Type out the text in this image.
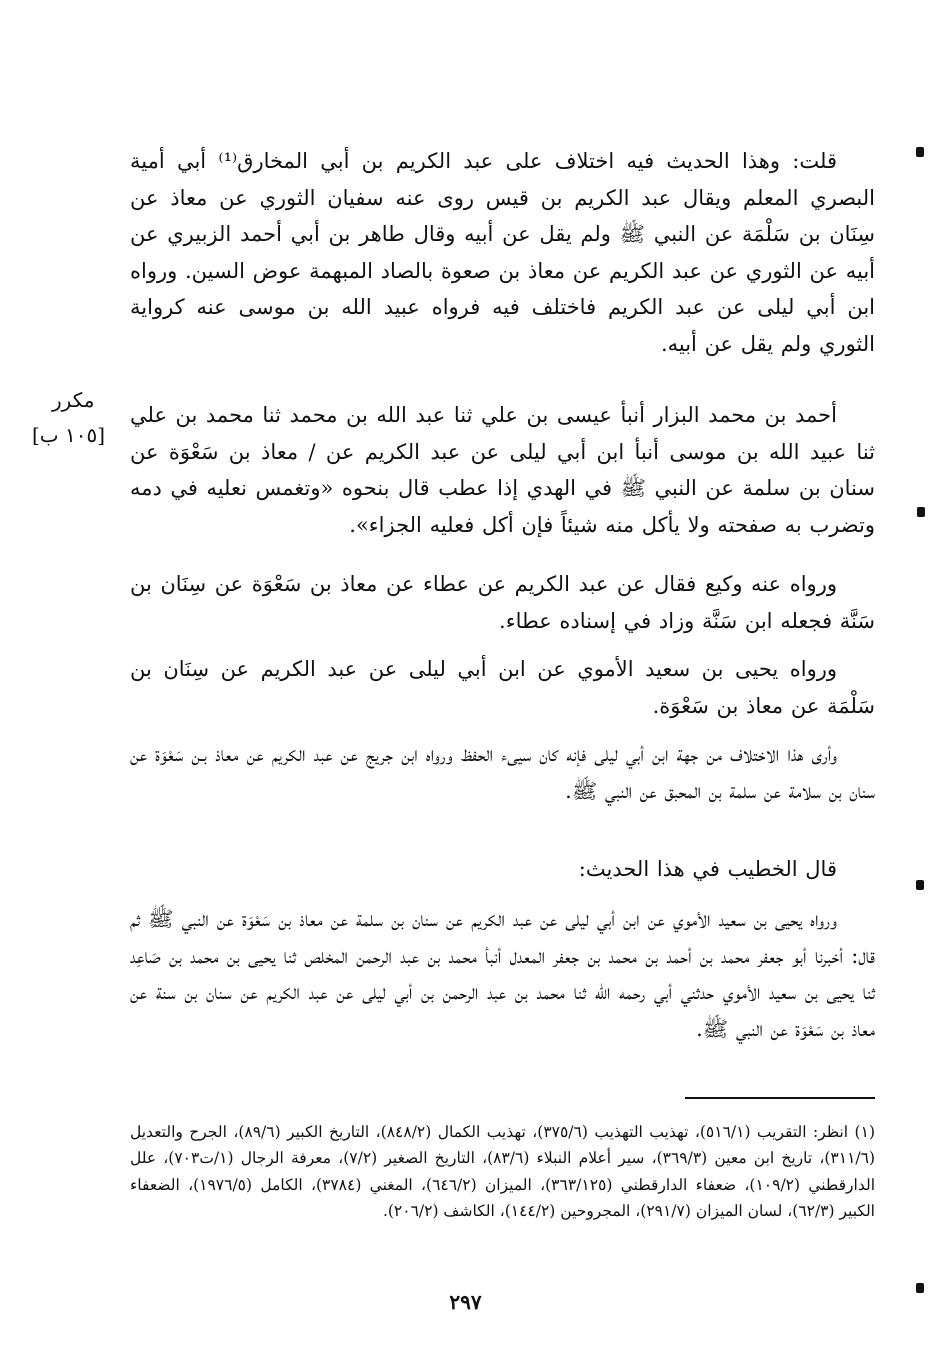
قلت: وهذا الحديث فيه اختلاف على عبد الكريم بن أبي المخارق⁽¹⁾ أبي أمية البصري المعلم ويقال عبد الكريم بن قيس روى عنه سفيان الثوري عن معاذ عن سِنَان بن سَلْمَة عن النبي ﷺ ولم يقل عن أبيه وقال طاهر بن أبي أحمد الزبيري عن أبيه عن الثوري عن عبد الكريم عن معاذ بن صعوة بالصاد المبهمة عوض السين. ورواه ابن أبي ليلى عن عبد الكريم فاختلف فيه فرواه عبيد الله بن موسى عنه كرواية الثوري ولم يقل عن أبيه.

أحمد بن محمد البزار أنبأ عيسى بن علي ثنا عبد الله بن محمد ثنا محمد بن علي ثنا عبيد الله بن موسى أنبأ ابن أبي ليلى عن عبد الكريم عن / معاذ بن سَعْوَة عن سنان بن سلمة عن النبي ﷺ في الهدي إذا عطب قال بنحوه «وتغمس نعليه في دمه وتضرب به صفحته ولا يأكل منه شيئاً فإن أكل فعليه الجزاء».

ورواه عنه وكيع فقال عن عبد الكريم عن عطاء عن معاذ بن سَعْوَة عن سِنَان بن سَنَّة فجعله ابن سَنَّة وزاد في إسناده عطاء.

ورواه يحيى بن سعيد الأموي عن ابن أبي ليلى عن عبد الكريم عن سِنَان بن سَلْمَة عن معاذ بن سَعْوَة.

وأرى هذا الاختلاف من جهة ابن أبي ليلى فإنه كان سيىء الحفظ ورواه ابن جريج عن عبد الكريم عن معاذ بـن سَعْوَة عن سنان بن سلامة عن سلمة بن المحبق عن النبي ﷺ.

قال الخطيب في هذا الحديث:

ورواه يحيى بن سعيد الأموي عن ابن أبي ليلى عن عبد الكريم عن سنان بن سلمة عن معاذ بن سَعْوَة عن النبي ﷺ ثم قال: أخبرنا أبو جعفر محمد بن أحمد بن محمد بن جعفر المعدل أنبأ محمد بن عبد الرحمن المخلص ثنا يحيى بن محمد بن صَاعِد ثنا يحيى بن سعيد الأموي حدثني أبي رحمه الله ثنا محمد بن عبد الرحمن بن أبي ليلى عن عبد الكريم عن سنان بن سنة عن معاذ بن سَعْوَة عن النبي ﷺ.

مكرر
[١٠٥ ب]

(١) انظر: التقريب (٥١٦/١)، تهذيب التهذيب (٣٧٥/٦)، تهذيب الكمال (٨٤٨/٢)، التاريخ الكبير (٨٩/٦)، الجرح والتعديل (٣١١/٦)، تاريخ ابن معين (٣٦٩/٣)، سير أعلام النبلاء (٨٣/٦)، التاريخ الصغير (٧/٢)، معرفة الرجال (١/ت٧٠٣)، علل الدارقطني (١٠٩/٢)، ضعفاء الدارقطني (٣٦٣/١٢٥)، الميزان (٦٤٦/٢)، المغني (٣٧٨٤)، الكامل (١٩٧٦/٥)، الضعفاء الكبير (٦٢/٣)، لسان الميزان (٢٩١/٧)، المجروحين (١٤٤/٢)، الكاشف (٢٠٦/٢).

٢٩٧
